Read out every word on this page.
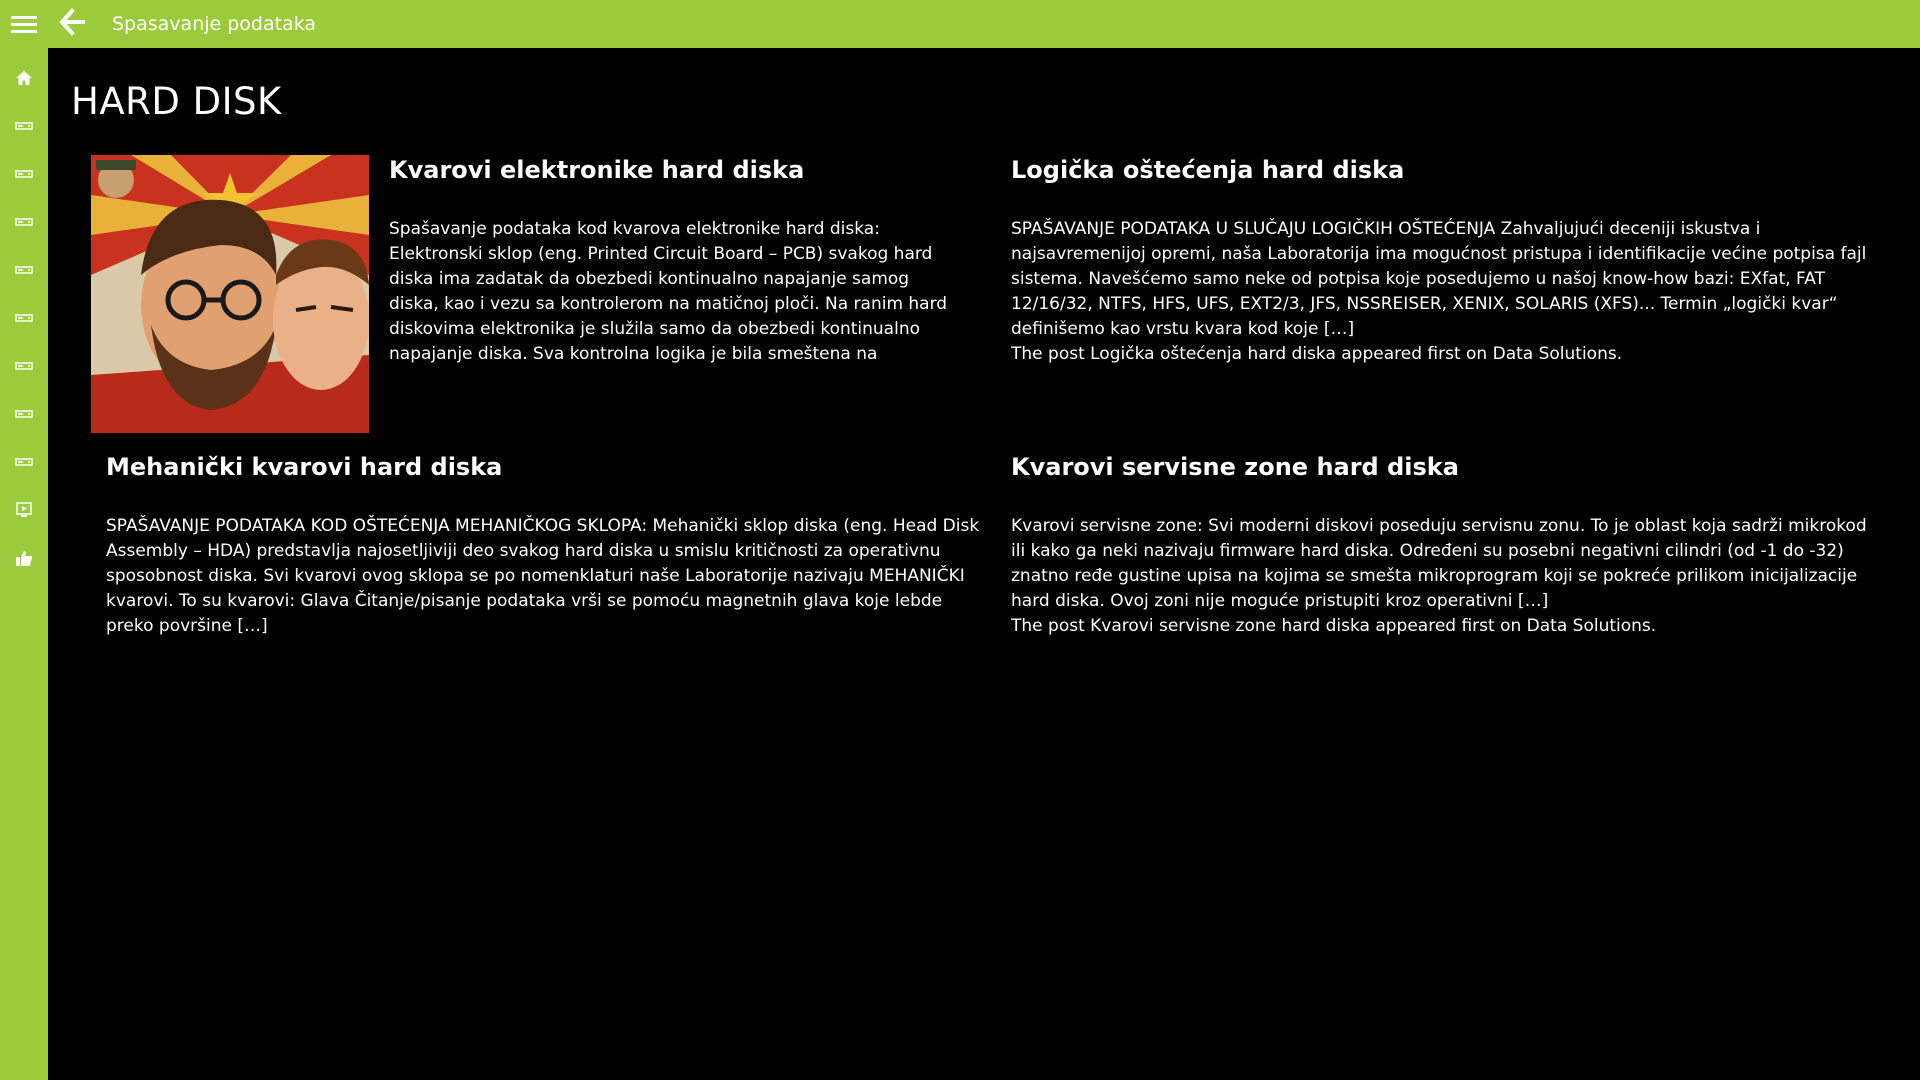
Spasavanje podataka
HARD DISK
Kvarovi elektronike hard diska

Spašavanje podataka kod kvarova elektronike hard diska: Elektronski sklop (eng. Printed Circuit Board – PCB) svakog hard diska ima zadatak da obezbedi kontinualno napajanje samog diska, kao i vezu sa kontrolerom na matičnoj ploči. Na ranim hard diskovima elektronika je služila samo da obezbedi kontinualno napajanje diska. Sva kontrolna logika je bila smeštena na

Logička oštećenja hard diska

SPAŠAVANJE PODATAKA U SLUČAJU LOGIČKIH OŠTEĆENJA Zahvaljujući deceniji iskustva i najsavremenijoj opremi, naša Laboratorija ima mogućnost pristupa i identifikacije većine potpisa fajl sistema. Navešćemo samo neke od potpisa koje posedujemo u našoj know-how bazi: EXfat, FAT 12/16/32, NTFS, HFS, UFS, EXT2/3, JFS, NSSREISER, XENIX, SOLARIS (XFS)... Termin „logički kvar“ definišemo kao vrstu kvara kod koje […]

The post Logička oštećenja hard diska appeared first on Data Solutions.

Mehanički kvarovi hard diska

SPAŠAVANJE PODATAKA KOD OŠTEĆENJA MEHANIČKOG SKLOPA: Mehanički sklop diska (eng. Head Disk Assembly – HDA) predstavlja najosetljiviji deo svakog hard diska u smislu kritičnosti za operativnu sposobnost diska. Svi kvarovi ovog sklopa se po nomenklaturi naše Laboratorije nazivaju MEHANIČKI kvarovi. To su kvarovi: Glava Čitanje/pisanje podataka vrši se pomoću magnetnih glava koje lebde preko površine […]

Kvarovi servisne zone hard diska

Kvarovi servisne zone: Svi moderni diskovi poseduju servisnu zonu. To je oblast koja sadrži mikrokod ili kako ga neki nazivaju firmware hard diska. Određeni su posebni negativni cilindri (od -1 do -32) znatno ređe gustine upisa na kojima se smešta mikroprogram koji se pokreće prilikom inicijalizacije hard diska. Ovoj zoni nije moguće pristupiti kroz operativni […]

The post Kvarovi servisne zone hard diska appeared first on Data Solutions.
